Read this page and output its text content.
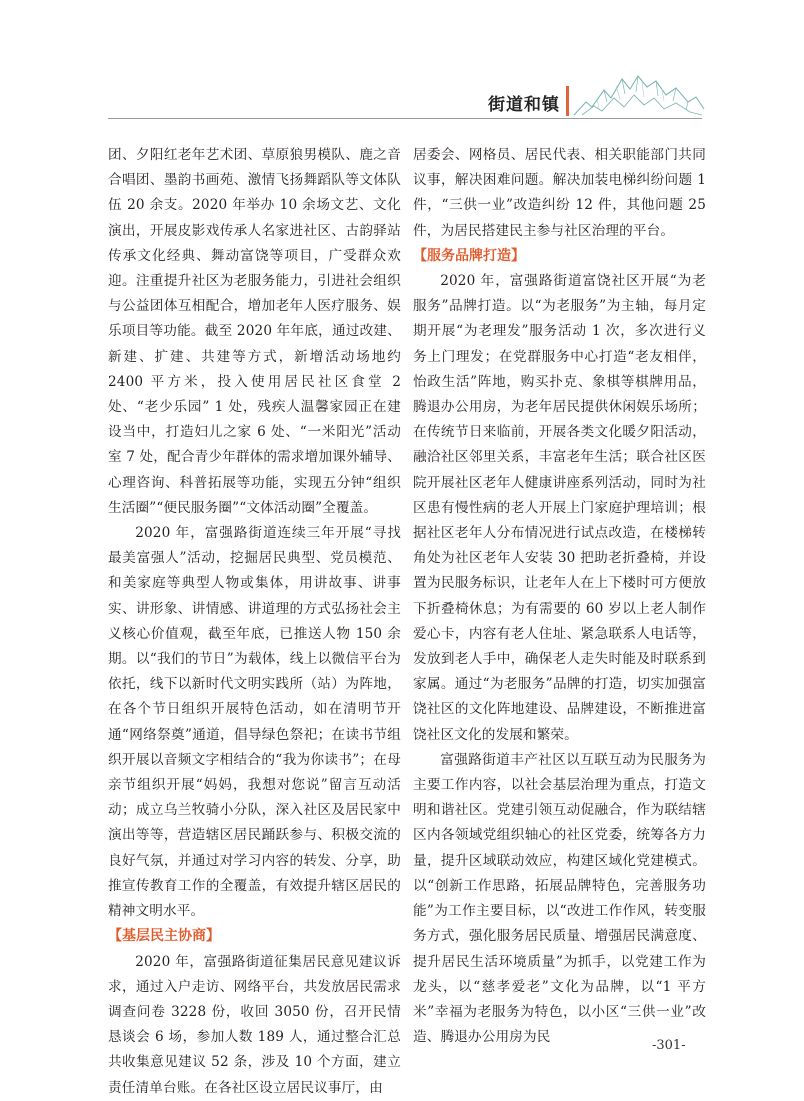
街道和镇

团、夕阳红老年艺术团、草原狼男模队、鹿之音合唱团、墨韵书画苑、激情飞扬舞蹈队等文体队伍 20 余支。2020 年举办 10 余场文艺、文化演出，开展皮影戏传承人名家进社区、古韵驿站传承文化经典、舞动富饶等项目，广受群众欢迎。注重提升社区为老服务能力，引进社会组织与公益团体互相配合，增加老年人医疗服务、娱乐项目等功能。截至 2020 年年底，通过改建、新建、扩建、共建等方式，新增活动场地约 2400 平方米，投入使用居民社区食堂 2 处、“老少乐园” 1 处，残疾人温馨家园正在建设当中，打造妇儿之家 6 处、“一米阳光”活动室 7 处，配合青少年群体的需求增加课外辅导、心理咨询、科普拓展等功能，实现五分钟“组织生活圈”“便民服务圈”“文体活动圈”全覆盖。

2020 年，富强路街道连续三年开展“寻找最美富强人”活动，挖掘居民典型、党员模范、和美家庭等典型人物或集体，用讲故事、讲事实、讲形象、讲情感、讲道理的方式弘扬社会主义核心价值观，截至年底，已推送人物 150 余期。以“我们的节日”为载体，线上以微信平台为依托，线下以新时代文明实践所（站）为阵地，在各个节日组织开展特色活动，如在清明节开通“网络祭奠”通道，倡导绿色祭祀；在读书节组织开展以音频文字相结合的“我为你读书”；在母亲节组织开展“妈妈，我想对您说”留言互动活动；成立乌兰牧骑小分队，深入社区及居民家中演出等等，营造辖区居民踊跃参与、积极交流的良好气氛，并通过对学习内容的转发、分享，助推宣传教育工作的全覆盖，有效提升辖区居民的精神文明水平。

【基层民主协商】

2020 年，富强路街道征集居民意见建议诉求，通过入户走访、网络平台，共发放居民需求调查问卷 3228 份，收回 3050 份，召开民情恳谈会 6 场，参加人数 189 人，通过整合汇总共收集意见建议 52 条，涉及 10 个方面，建立责任清单台账。在各社区设立居民议事厅，由

居委会、网格员、居民代表、相关职能部门共同议事，解决困难问题。解决加装电梯纠纷问题 1 件，“三供一业”改造纠纷 12 件，其他问题 25 件，为居民搭建民主参与社区治理的平台。

【服务品牌打造】

2020 年，富强路街道富饶社区开展“为老服务”品牌打造。以“为老服务”为主轴，每月定期开展“为老理发”服务活动 1 次，多次进行义务上门理发；在党群服务中心打造“老友相伴，怡政生活”阵地，购买扑克、象棋等棋牌用品，腾退办公用房，为老年居民提供休闲娱乐场所；在传统节日来临前，开展各类文化暖夕阳活动，融洽社区邻里关系，丰富老年生活；联合社区医院开展社区老年人健康讲座系列活动，同时为社区患有慢性病的老人开展上门家庭护理培训；根据社区老年人分布情况进行试点改造，在楼梯转角处为社区老年人安装 30 把助老折叠椅，并设置为民服务标识，让老年人在上下楼时可方便放下折叠椅休息；为有需要的 60 岁以上老人制作爱心卡，内容有老人住址、紧急联系人电话等，发放到老人手中，确保老人走失时能及时联系到家属。通过“为老服务”品牌的打造，切实加强富饶社区的文化阵地建设、品牌建设，不断推进富饶社区文化的发展和繁荣。

富强路街道丰产社区以互联互动为民服务为主要工作内容，以社会基层治理为重点，打造文明和谐社区。党建引领互动促融合，作为联结辖区内各领域党组织轴心的社区党委，统筹各方力量，提升区域联动效应，构建区域化党建模式。以“创新工作思路，拓展品牌特色，完善服务功能”为工作主要目标，以“改进工作作风，转变服务方式，强化服务居民质量、增强居民满意度、提升居民生活环境质量”为抓手，以党建工作为龙头，以“慈孝爱老”文化为品牌，以“1 平方米”幸福为老服务为特色，以小区“三供一业”改造、腾退办公用房为民

-301-
